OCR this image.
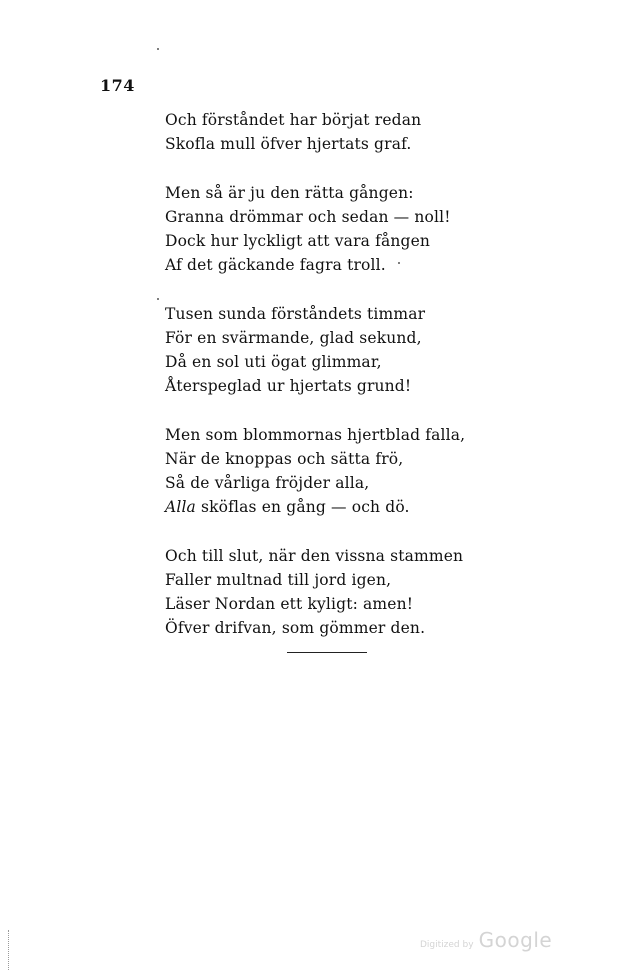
174
Och förståndet har börjat redan
Skofla mull öfver hjertats graf.
Men så är ju den rätta gången:
Granna drömmar och sedan — noll!
Dock hur lyckligt att vara fången
Af det gäckande fagra troll.
Tusen sunda förståndets timmar
För en svärmande, glad sekund,
Då en sol uti ögat glimmar,
Återspeglad ur hjertats grund!
Men som blommornas hjertblad falla,
När de knoppas och sätta frö,
Så de vårliga fröjder alla,
Alla sköflas en gång — och dö.
Och till slut, när den vissna stammen
Faller multnad till jord igen,
Läser Nordan ett kyligt: amen!
Öfver drifvan, som gömmer den.
Digitized by Google
